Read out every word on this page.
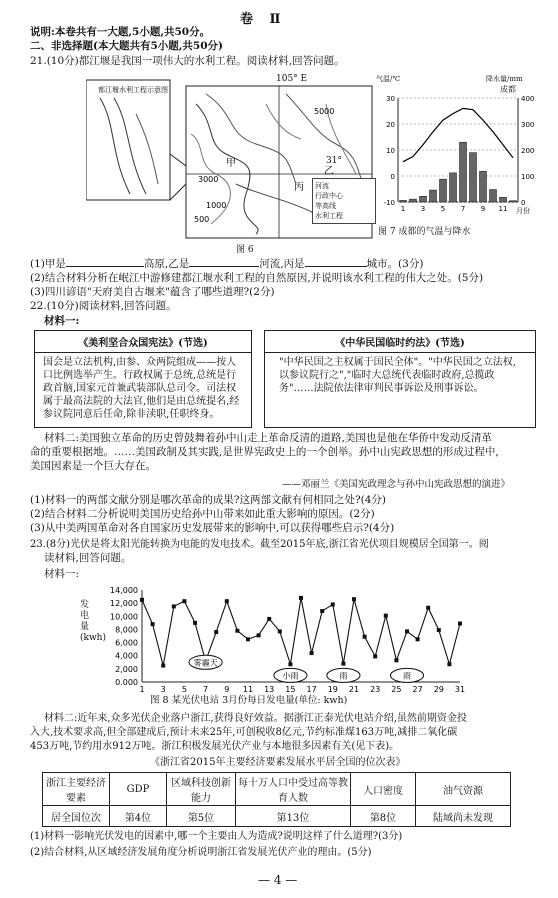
卷 Ⅱ
说明:本卷共有一大题,5小题,共50分。
二、非选择题(本大题共有5小题,共50分)
21.(10分)都江堰是我国一项伟大的水利工程。阅读材料,回答问题。
甲
乙
丙
3000
500
1000
5000
都江堰水利工程示意图
105° E
31°
图 6
河流
行政中心
等高线
水利工程
30
20
10
0
-10
400
300
200
100
0
1 3 5 7 9 11
气温/℃	降水量/mm
成都
月份
图 7 成都的气温与降水
(1)甲是	高原,乙是	河流,丙是	城市。(3分)
(2)结合材料分析在岷江中游修建都江堰水利工程的自然原因,并说明该水利工程的伟大之处。(5分)
(3)四川谚语"天府美自古堰来"蕴含了哪些道理?(2分)
22.(10分)阅读材料,回答问题。
材料一:
《美利坚合众国宪法》(节选)
国会是立法机构,由参、众两院组成——按人口比例选举产生。行政权属于总统,总统是行政首脑,国家元首兼武装部队总司令。司法权属于最高法院的大法官,他们是由总统提名,经参议院同意后任命,除非渎职,任职终身。
《中华民国临时约法》(节选)
"中华民国之主权属于国民全体"。"中华民国之立法权,以参议院行之","临时大总统代表临时政府,总揽政务"……法院依法律审判民事诉讼及刑事诉讼。
材料二:美国独立革命的历史曾鼓舞着孙中山走上革命反清的道路,美国也是他在华侨中发动反清革
命的重要根据地。……美国政制及其实践,是世界宪政史上的一个创举。孙中山宪政思想的形成过程中,
美国因素是一个巨大存在。
——邓丽兰《美国宪政理念与孙中山宪政思想的演进》
(1)材料一的两部文献分别是哪次革命的成果?这两部文献有何相同之处?(4分)
(2)结合材料二分析说明美国历史给孙中山带来如此重大影响的原因。(2分)
(3)从中美两国革命对各自国家历史发展带来的影响中,可以获得哪些启示?(4分)
23.(8分)光伏是将太阳光能转换为电能的发电技术。截至2015年底,浙江省光伏项目规模居全国第一。阅
读材料,回答问题。
材料一:
14,000
12,000
10,000
8,000
6,000
4,000
2,000
0.000
1 3 5 7 9 11 13 15 17 19 21 23 25 27 29 31
雾霾天
小雨	雨	雨
发电量(kwh)
图 8 某光伏电站 3月份每日发电量(单位: kwh)
材料二:近年来,众多光伏企业落户浙江,获得良好效益。据浙江正泰光伏电站介绍,虽然前期资金投
入大,技术要求高,但全部建成后,预计未来25年,可创税收8亿元,节约标准煤163万吨,减排二氧化碳
453万吨,节约用水912万吨。浙江积极发展光伏产业与本地很多因素有关(见下表)。
《浙江省2015年主要经济要素发展水平居全国的位次表》
浙江主要经济要素	GDP	区域科技创新能力	每十万人口中受过高等教育人数	人口密度	油气资源
居全国位次	第4位	第5位	第13位	第8位	陆域尚未发现
(1)材料一影响光伏发电的因素中,哪一个主要由人为造成?说明这样了什么道理?(3分)
(2)结合材料,从区域经济发展角度分析说明浙江省发展光伏产业的理由。(5分)
— 4 —
